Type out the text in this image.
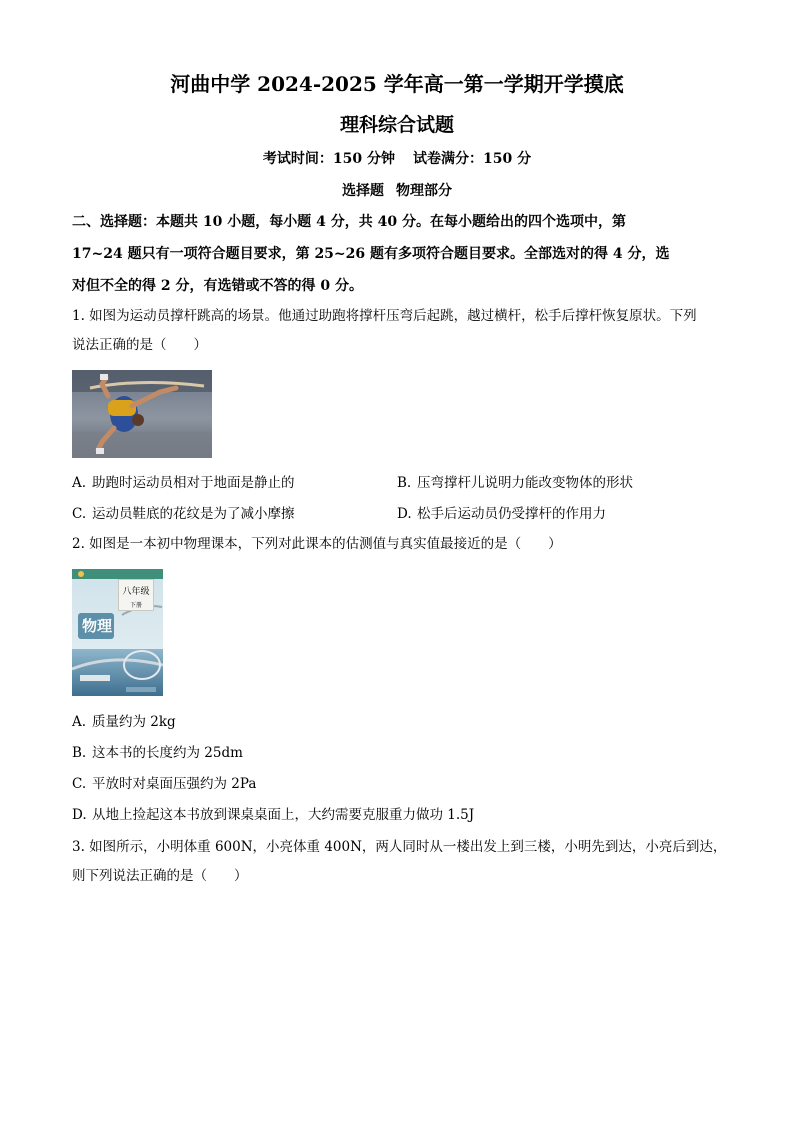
河曲中学 2024-2025 学年高一第一学期开学摸底
理科综合试题
考试时间：150 分钟 试卷满分：150 分
选择题 物理部分
二、选择题：本题共 10 小题，每小题 4 分，共 40 分。在每小题给出的四个选项中，第
17~24 题只有一项符合题目要求，第 25~26 题有多项符合题目要求。全部选对的得 4 分，选
对但不全的得 2 分，有选错或不答的得 0 分。
1. 如图为运动员撑杆跳高的场景。他通过助跑将撑杆压弯后起跳，越过横杆，松手后撑杆恢复原状。下列
说法正确的是（　　）
A. 助跑时运动员相对于地面是静止的	B. 压弯撑杆儿说明力能改变物体的形状
C. 运动员鞋底的花纹是为了减小摩擦	D. 松手后运动员仍受撑杆的作用力
2. 如图是一本初中物理课本，下列对此课本的估测值与真实值最接近的是（　　）
八年级
下册
物理
A. 质量约为 2kg
B. 这本书的长度约为 25dm
C. 平放时对桌面压强约为 2Pa
D. 从地上捡起这本书放到课桌桌面上，大约需要克服重力做功 1.5J
3. 如图所示，小明体重 600N，小亮体重 400N，两人同时从一楼出发上到三楼，小明先到达，小亮后到达，
则下列说法正确的是（　　）
